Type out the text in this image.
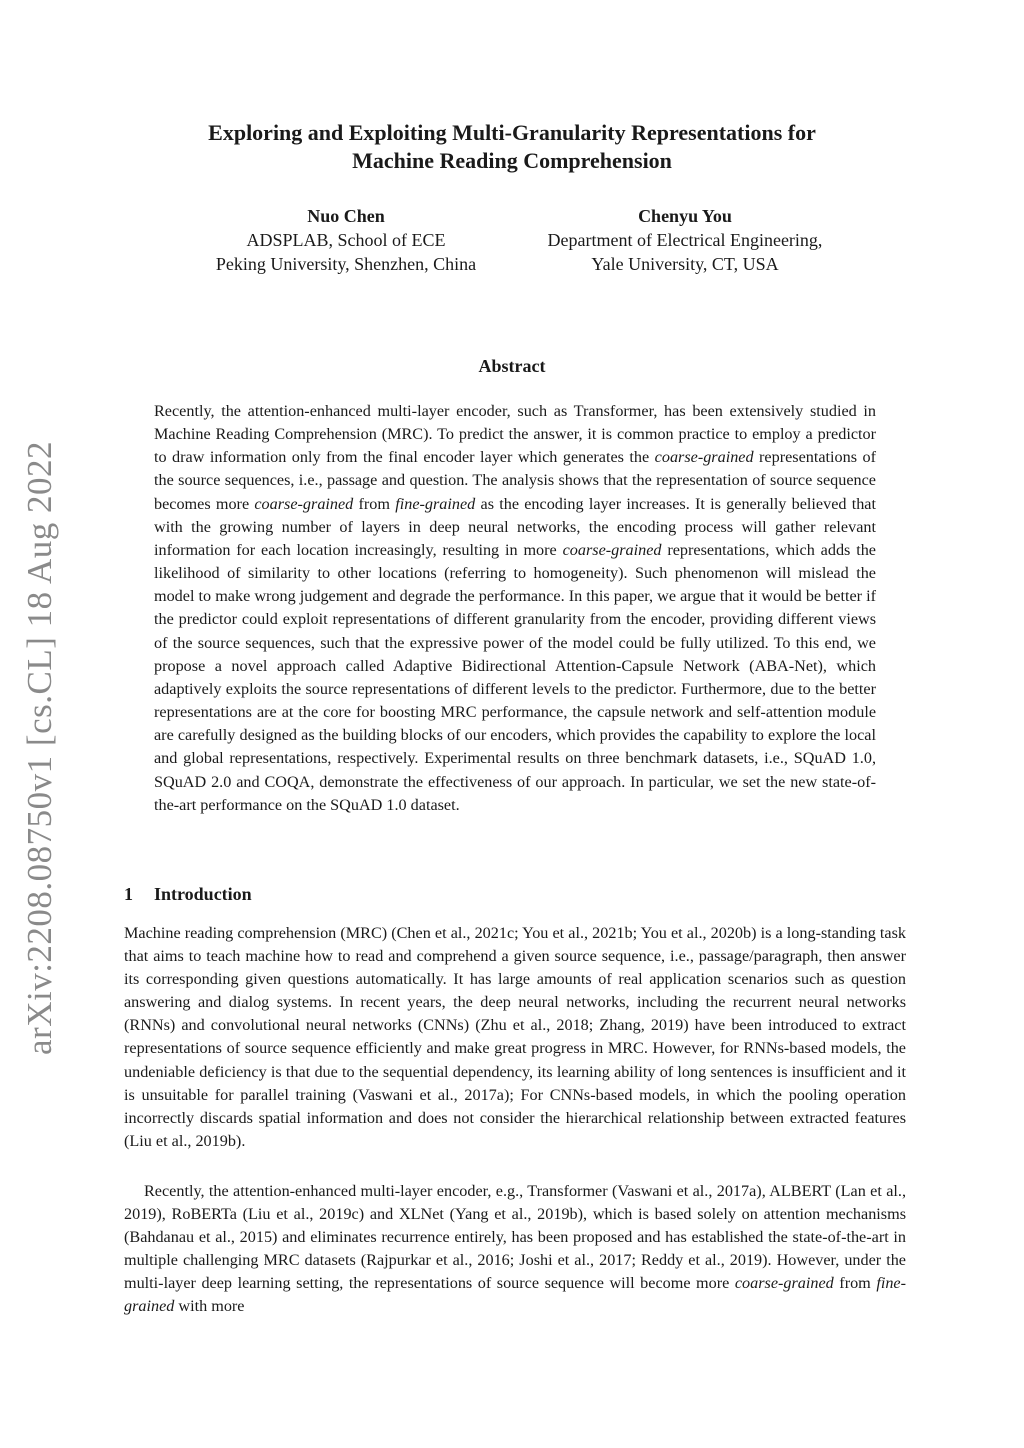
arXiv:2208.08750v1 [cs.CL] 18 Aug 2022
Exploring and Exploiting Multi-Granularity Representations for
Machine Reading Comprehension
Nuo Chen
ADSPLAB, School of ECE
Peking University, Shenzhen, China
Chenyu You
Department of Electrical Engineering,
Yale University, CT, USA
Abstract
Recently, the attention-enhanced multi-layer encoder, such as Transformer, has been extensively studied in Machine Reading Comprehension (MRC). To predict the answer, it is common practice to employ a predictor to draw information only from the final encoder layer which generates the coarse-grained representations of the source sequences, i.e., passage and question. The analysis shows that the representation of source sequence becomes more coarse-grained from fine-grained as the encoding layer increases. It is generally believed that with the growing number of layers in deep neural networks, the encoding process will gather relevant information for each location increasingly, resulting in more coarse-grained representations, which adds the likelihood of similarity to other locations (referring to homogeneity). Such phenomenon will mislead the model to make wrong judgement and degrade the performance. In this paper, we argue that it would be better if the predictor could exploit representations of different granularity from the encoder, providing different views of the source sequences, such that the expressive power of the model could be fully utilized. To this end, we propose a novel approach called Adaptive Bidirectional Attention-Capsule Network (ABA-Net), which adaptively exploits the source representations of different levels to the predictor. Furthermore, due to the better representations are at the core for boosting MRC performance, the capsule network and self-attention module are carefully designed as the building blocks of our encoders, which provides the capability to explore the local and global representations, respectively. Experimental results on three benchmark datasets, i.e., SQuAD 1.0, SQuAD 2.0 and COQA, demonstrate the effectiveness of our approach. In particular, we set the new state-of-the-art performance on the SQuAD 1.0 dataset.
1 Introduction

Machine reading comprehension (MRC) (Chen et al., 2021c; You et al., 2021b; You et al., 2020b) is a long-standing task that aims to teach machine how to read and comprehend a given source sequence, i.e., passage/paragraph, then answer its corresponding given questions automatically. It has large amounts of real application scenarios such as question answering and dialog systems. In recent years, the deep neural networks, including the recurrent neural networks (RNNs) and convolutional neural networks (CNNs) (Zhu et al., 2018; Zhang, 2019) have been introduced to extract representations of source sequence efficiently and make great progress in MRC. However, for RNNs-based models, the undeniable deficiency is that due to the sequential dependency, its learning ability of long sentences is insufficient and it is unsuitable for parallel training (Vaswani et al., 2017a); For CNNs-based models, in which the pooling operation incorrectly discards spatial information and does not consider the hierarchical relationship between extracted features (Liu et al., 2019b).

Recently, the attention-enhanced multi-layer encoder, e.g., Transformer (Vaswani et al., 2017a), ALBERT (Lan et al., 2019), RoBERTa (Liu et al., 2019c) and XLNet (Yang et al., 2019b), which is based solely on attention mechanisms (Bahdanau et al., 2015) and eliminates recurrence entirely, has been proposed and has established the state-of-the-art in multiple challenging MRC datasets (Rajpurkar et al., 2016; Joshi et al., 2017; Reddy et al., 2019). However, under the multi-layer deep learning setting, the representations of source sequence will become more coarse-grained from fine-grained with more
